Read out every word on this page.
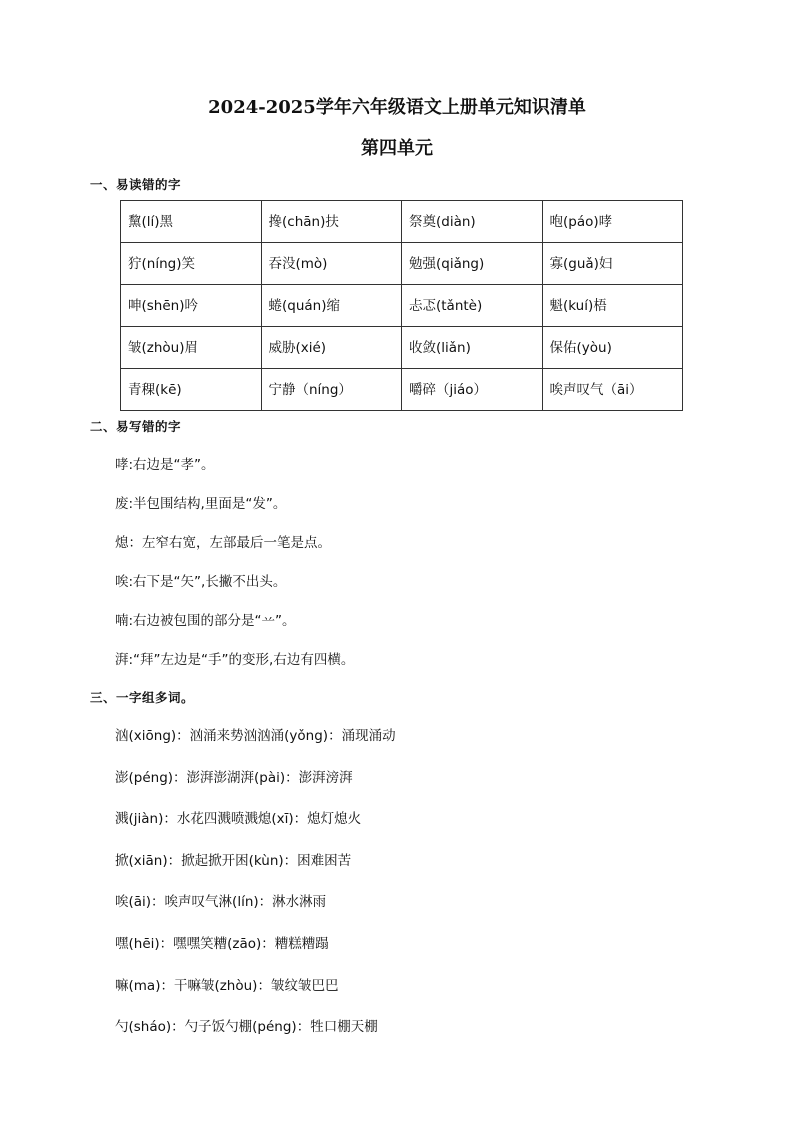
2024-2025学年六年级语文上册单元知识清单
第四单元
一、易读错的字
黧(lí)黑	搀(chān)扶	祭奠(diàn)	咆(páo)哮
狞(níng)笑	吞没(mò)	勉强(qiǎng)	寡(guǎ)妇
呻(shēn)吟	蜷(quán)缩	忐忑(tǎntè)	魁(kuí)梧
皱(zhòu)眉	威胁(xié)	收敛(liǎn)	保佑(yòu)
青稞(kē)	宁静（níng）	嚼碎（jiáo）	唉声叹气（āi）
二、易写错的字
哮:右边是“孝”。
废:半包围结构,里面是“发”。
熄：左窄右宽，左部最后一笔是点。
唉:右下是“矢”,长撇不出头。
喃:右边被包围的部分是“䒑”。
湃:“拜”左边是“手”的变形,右边有四横。
三、一字组多词。
汹(xiōng)：汹涌来势汹汹涌(yǒng)：涌现涌动
澎(péng)：澎湃澎湖湃(pài)：澎湃滂湃
溅(jiàn)：水花四溅喷溅熄(xī)：熄灯熄火
掀(xiān)：掀起掀开困(kùn)：困难困苦
唉(āi)：唉声叹气淋(lín)：淋水淋雨
嘿(hēi)：嘿嘿笑糟(zāo)：糟糕糟蹋
嘛(ma)：干嘛皱(zhòu)：皱纹皱巴巴
勺(sháo)：勺子饭勺棚(péng)：牲口棚天棚
